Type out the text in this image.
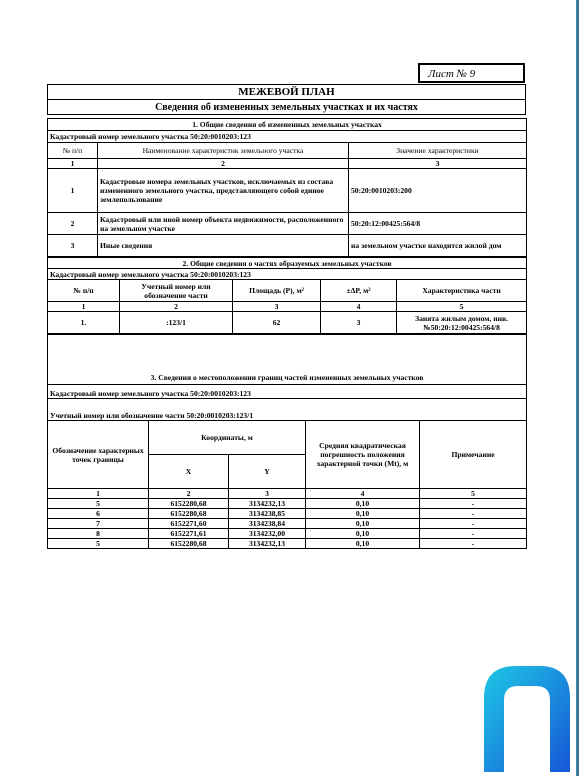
Лист № 9
МЕЖЕВОЙ ПЛАН
Сведения об измененных земельных участках и их частях
1. Общие сведения об измененных земельных участках		
Кадастровый номер земельного участка 50:20:0010203:123		
№ п/п	Наименование характеристик земельного участка	Значение характеристики
1	2	3
1	Кадастровые номера земельных участков, исключаемых из состава измененного земельного участка, представляющего собой единое землепользование	50:20:0010203:200
2	Кадастровый или иной номер объекта недвижимости, расположенного на земельном участке	50:20:12:00425:564/8
3	Иные сведения	на земельном участке находится жилой дом
2. Общие сведения о частях образуемых земельных участков				
Кадастровый номер земельного участка 50:20:0010203:123				
№ п/п	Учетный номер или обозначение части	Площадь (P), м²	±ΔP, м²	Характеристика части
1	2	3	4	5
1.	:123/1	62	3	Занята жилым домом, инв. №50:20:12:00425:564/8
3. Сведения о местоположении границ частей измененных земельных участков				
Кадастровый номер земельного участка 50:20:0010203:123				
Учетный номер или обозначение части 50:20:0010203:123/1				
Обозначение характерных точек границы	Координаты, м		Средняя квадратическая погрешность положения характерной точки (Mt), м	Примечание
	X	Y		
1	2	3	4	5
5	6152280,68	3134232,13	0,10	-
6	6152280,68	3134238,85	0,10	-
7	6152271,60	3134238,84	0,10	-
8	6152271,61	3134232,00	0,10	-
5	6152280,68	3134232,13	0,10	-
